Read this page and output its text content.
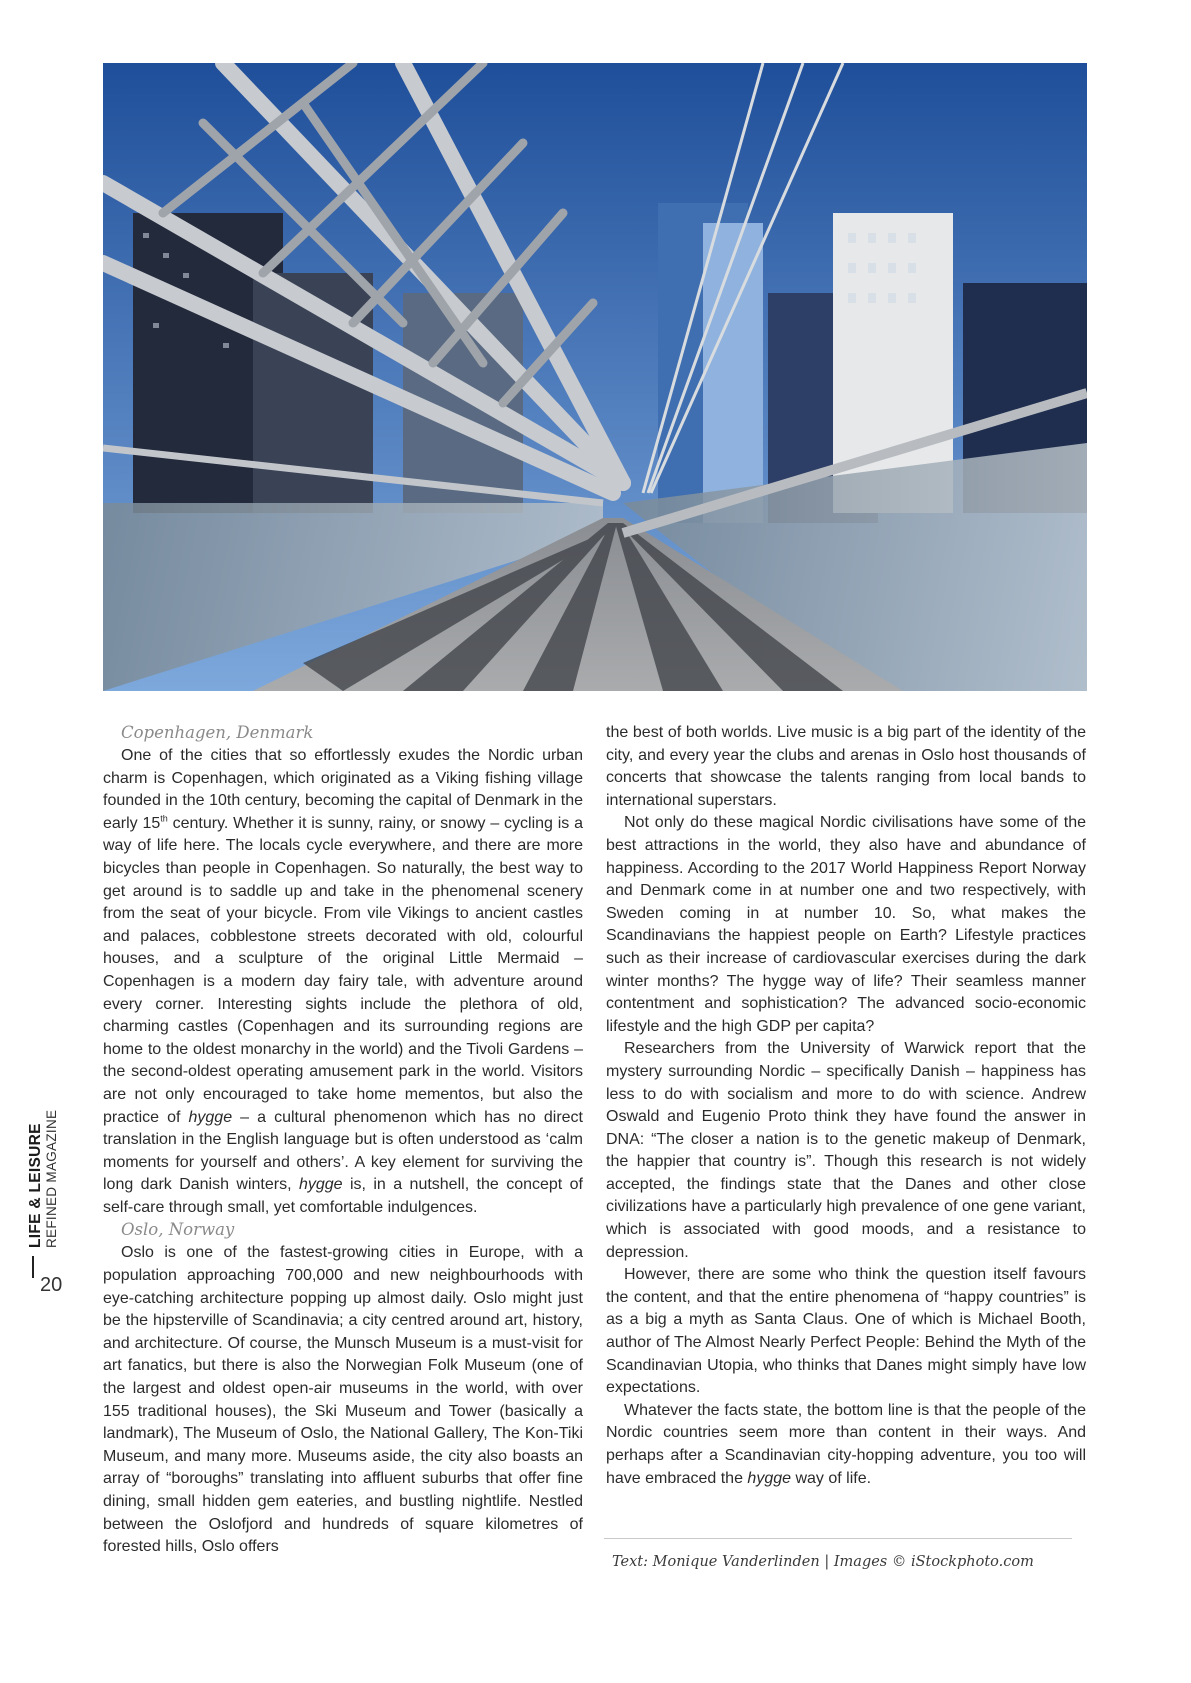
LIFE & LEISURE REFINED MAGAZINE
20
Copenhagen, Denmark

One of the cities that so effortlessly exudes the Nordic urban charm is Copenhagen, which originated as a Viking fishing village founded in the 10th century, becoming the capital of Denmark in the early 15th century. Whether it is sunny, rainy, or snowy – cycling is a way of life here. The locals cycle everywhere, and there are more bicycles than people in Copenhagen. So naturally, the best way to get around is to saddle up and take in the phenomenal scenery from the seat of your bicycle. From vile Vikings to ancient castles and palaces, cobblestone streets decorated with old, colourful houses, and a sculpture of the original Little Mermaid – Copenhagen is a modern day fairy tale, with adventure around every corner. Interesting sights include the plethora of old, charming castles (Copenhagen and its surrounding regions are home to the oldest monarchy in the world) and the Tivoli Gardens – the second-oldest operating amusement park in the world. Visitors are not only encouraged to take home mementos, but also the practice of hygge – a cultural phenomenon which has no direct translation in the English language but is often understood as ‘calm moments for yourself and others’. A key element for surviving the long dark Danish winters, hygge is, in a nutshell, the concept of self-care through small, yet comfortable indulgences.

Oslo, Norway

Oslo is one of the fastest-growing cities in Europe, with a population approaching 700,000 and new neighbourhoods with eye-catching architecture popping up almost daily. Oslo might just be the hipsterville of Scandinavia; a city centred around art, history, and architecture. Of course, the Munsch Museum is a must-visit for art fanatics, but there is also the Norwegian Folk Museum (one of the largest and oldest open-air museums in the world, with over 155 traditional houses), the Ski Museum and Tower (basically a landmark), The Museum of Oslo, the National Gallery, The Kon-Tiki Museum, and many more. Museums aside, the city also boasts an array of “boroughs” translating into affluent suburbs that offer fine dining, small hidden gem eateries, and bustling nightlife. Nestled between the Oslofjord and hundreds of square kilometres of forested hills, Oslo offers

the best of both worlds. Live music is a big part of the identity of the city, and every year the clubs and arenas in Oslo host thousands of concerts that showcase the talents ranging from local bands to international superstars.

Not only do these magical Nordic civilisations have some of the best attractions in the world, they also have and abundance of happiness. According to the 2017 World Happiness Report Norway and Denmark come in at number one and two respectively, with Sweden coming in at number 10. So, what makes the Scandinavians the happiest people on Earth? Lifestyle practices such as their increase of cardiovascular exercises during the dark winter months? The hygge way of life? Their seamless manner contentment and sophistication? The advanced socio-economic lifestyle and the high GDP per capita?

Researchers from the University of Warwick report that the mystery surrounding Nordic – specifically Danish – happiness has less to do with socialism and more to do with science. Andrew Oswald and Eugenio Proto think they have found the answer in DNA: “The closer a nation is to the genetic makeup of Denmark, the happier that country is”. Though this research is not widely accepted, the findings state that the Danes and other close civilizations have a particularly high prevalence of one gene variant, which is associated with good moods, and a resistance to depression.

However, there are some who think the question itself favours the content, and that the entire phenomena of “happy countries” is as a big a myth as Santa Claus. One of which is Michael Booth, author of The Almost Nearly Perfect People: Behind the Myth of the Scandinavian Utopia, who thinks that Danes might simply have low expectations.

Whatever the facts state, the bottom line is that the people of the Nordic countries seem more than content in their ways. And perhaps after a Scandinavian city-hopping adventure, you too will have embraced the hygge way of life.

Text: Monique Vanderlinden | Images © iStockphoto.com
